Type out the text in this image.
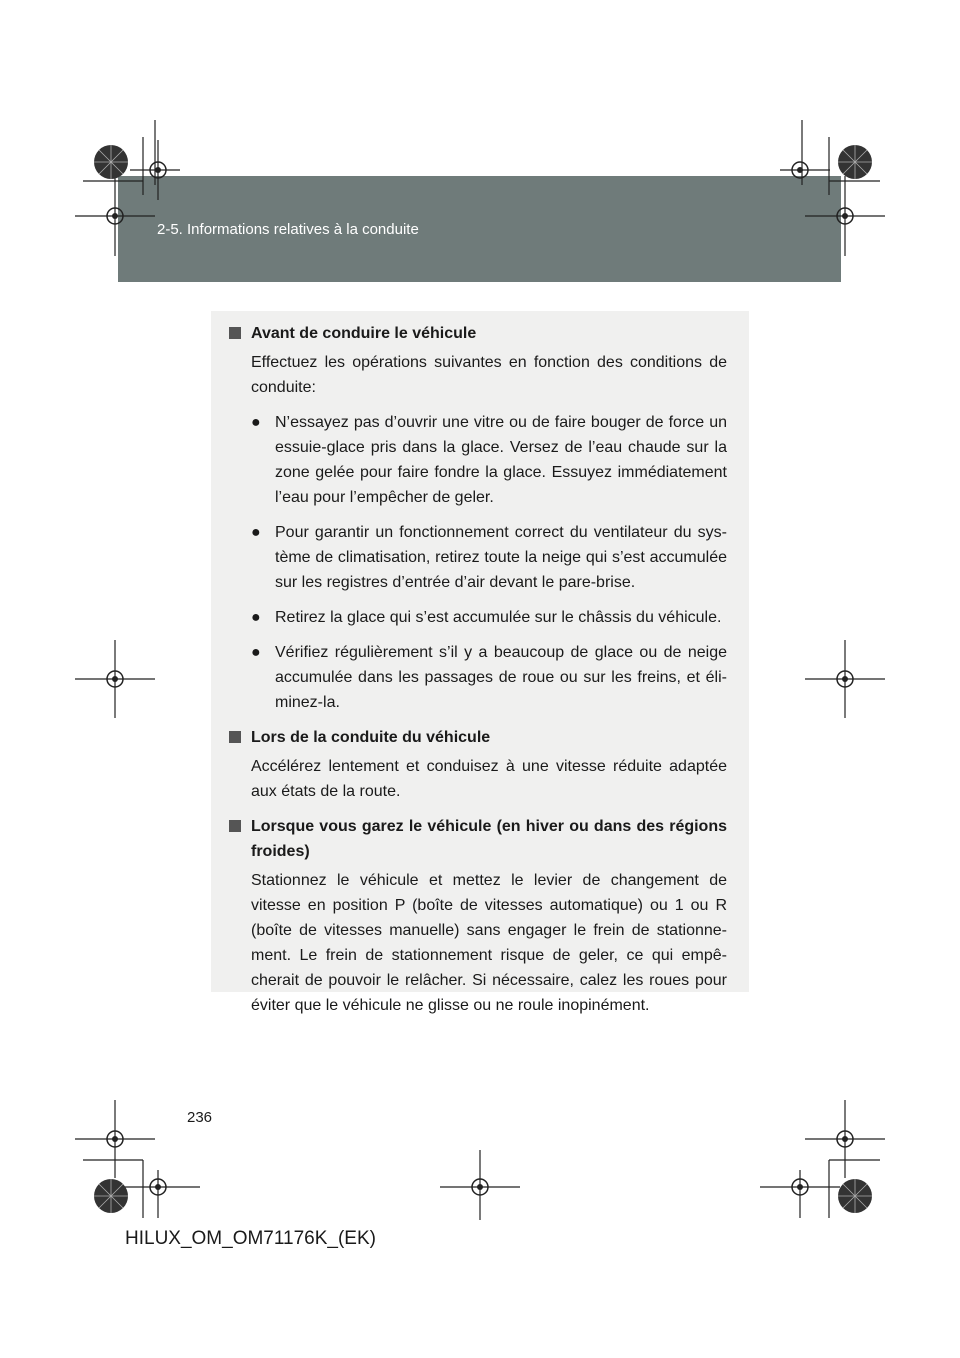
HILUX_OM_OM71176K_(EK).book Page 236 Wednesday, May 16, 2012 2:32 PM
2-5. Informations relatives à la conduite
Avant de conduire le véhicule
Effectuez les opérations suivantes en fonction des conditions de conduite:
● N’essayez pas d’ouvrir une vitre ou de faire bouger de force un essuie-glace pris dans la glace. Versez de l’eau chaude sur la zone gelée pour faire fondre la glace. Essuyez immédiatement l’eau pour l’empêcher de geler.
● Pour garantir un fonctionnement correct du ventilateur du système de climatisation, retirez toute la neige qui s’est accumulée sur les registres d’entrée d’air devant le pare-brise.
● Retirez la glace qui s’est accumulée sur le châssis du véhicule.
● Vérifiez régulièrement s’il y a beaucoup de glace ou de neige accumulée dans les passages de roue ou sur les freins, et éliminez-la.
Lors de la conduite du véhicule
Accélérez lentement et conduisez à une vitesse réduite adaptée aux états de la route.
Lorsque vous garez le véhicule (en hiver ou dans des régions froides)
Stationnez le véhicule et mettez le levier de changement de vitesse en position P (boîte de vitesses automatique) ou 1 ou R (boîte de vitesses manuelle) sans engager le frein de stationnement. Le frein de stationnement risque de geler, ce qui empêcherait de pouvoir le relâcher. Si nécessaire, calez les roues pour éviter que le véhicule ne glisse ou ne roule inopinément.
236
HILUX_OM_OM71176K_(EK)
